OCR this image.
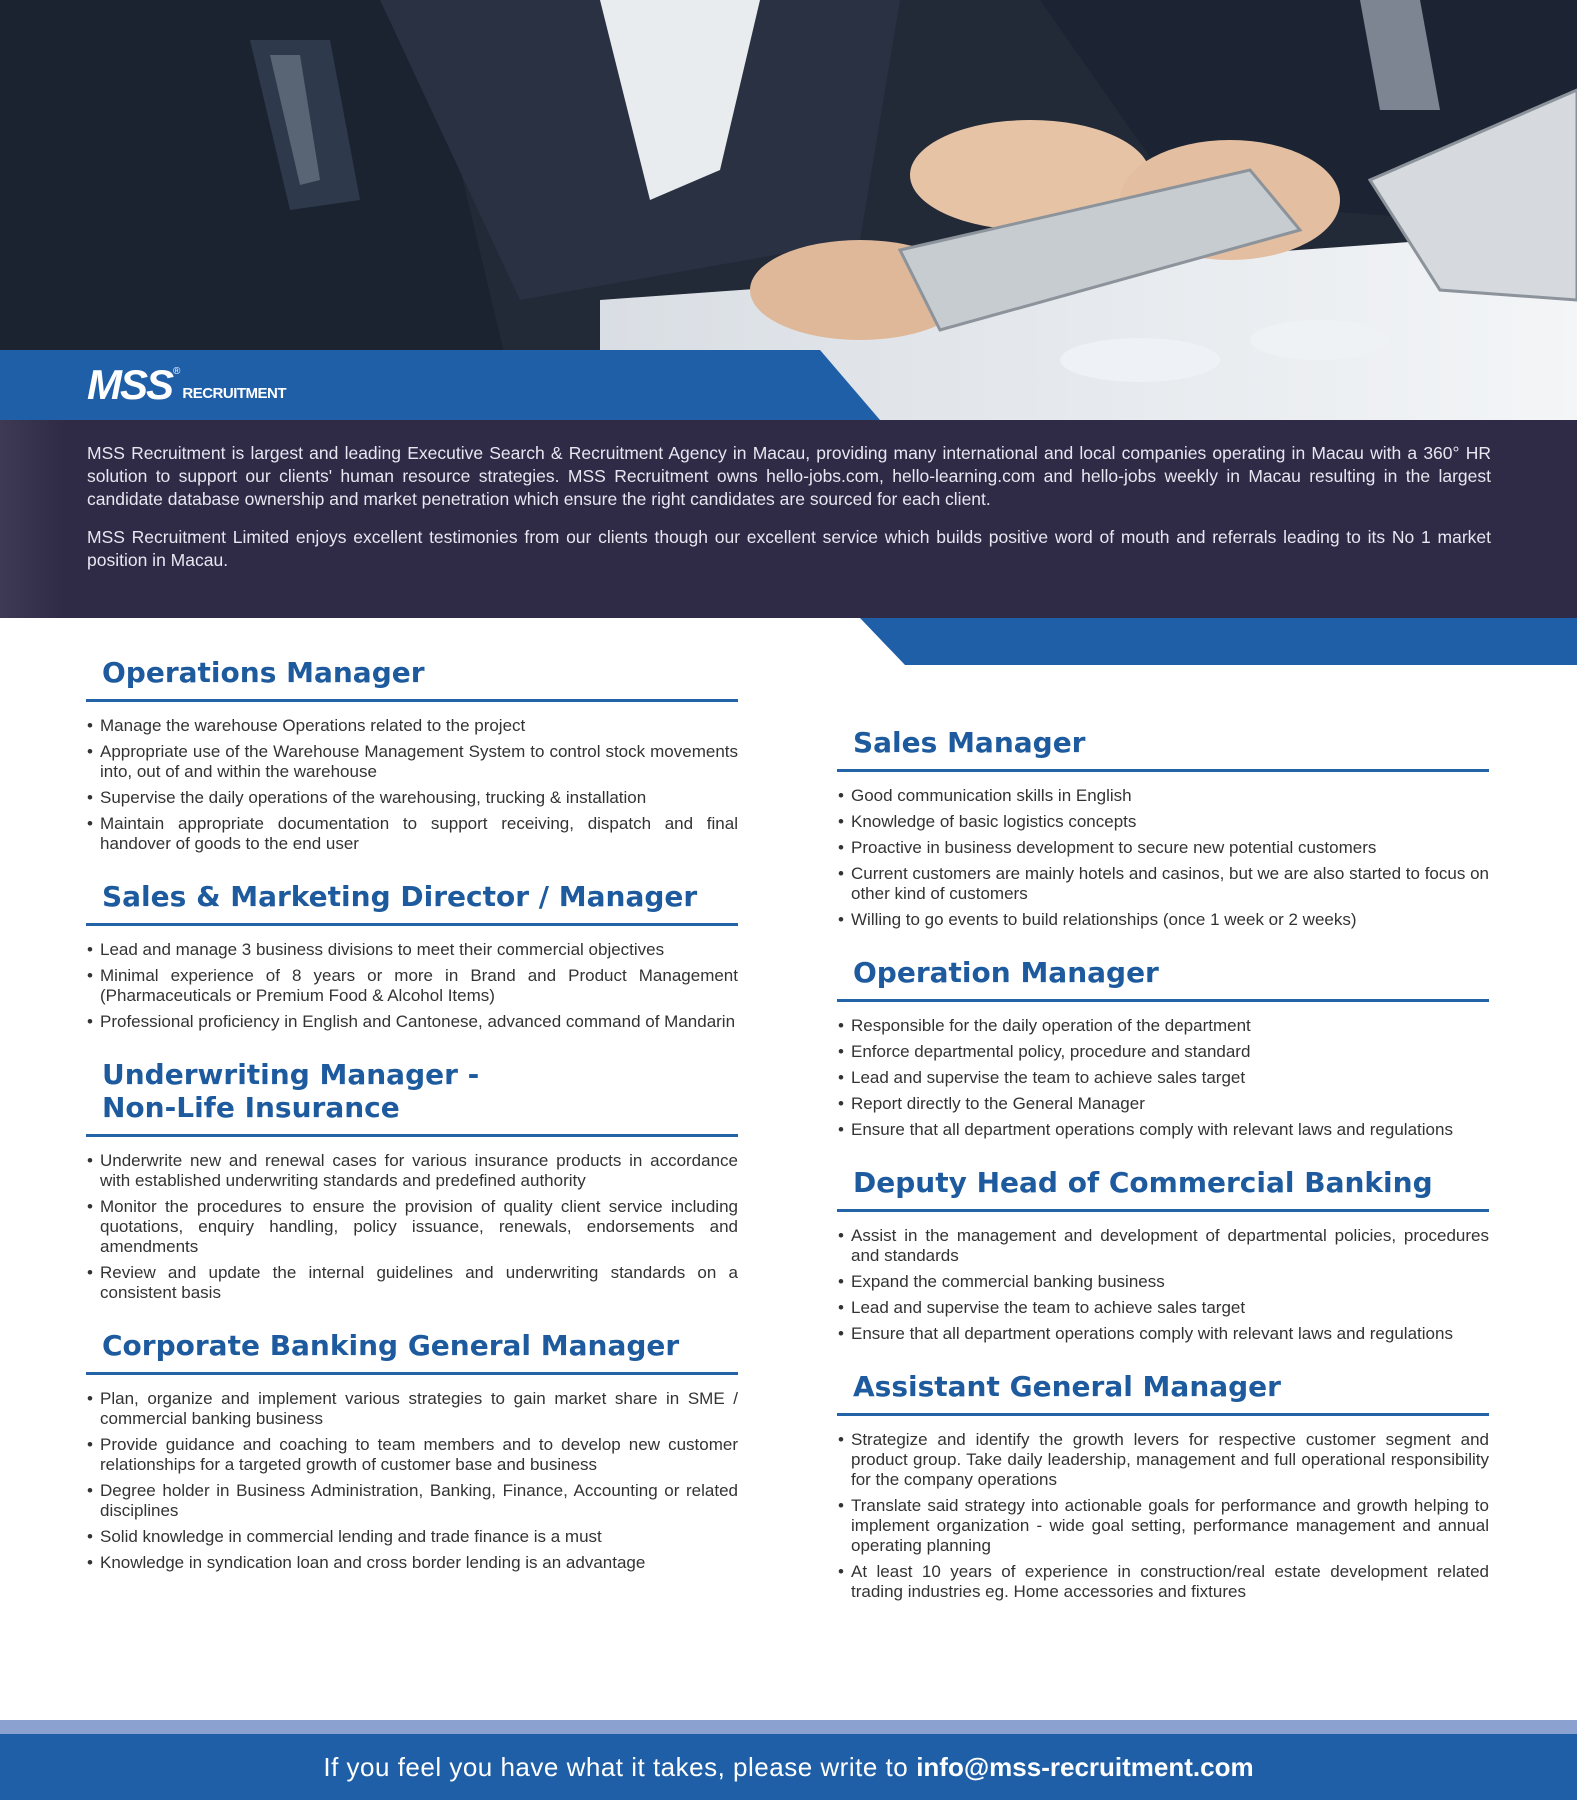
MSS ®
RECRUITMENT

MSS Recruitment is largest and leading Executive Search & Recruitment Agency in Macau, providing many international and local companies operating in Macau with a 360° HR solution to support our clients' human resource strategies. MSS Recruitment owns hello-jobs.com, hello-learning.com and hello-jobs weekly in Macau resulting in the largest candidate database ownership and market penetration which ensure the right candidates are sourced for each client.

MSS Recruitment Limited enjoys excellent testimonies from our clients though our excellent service which builds positive word of mouth and referrals leading to its No 1 market position in Macau.

Operations Manager
• Manage the warehouse Operations related to the project
• Appropriate use of the Warehouse Management System to control stock movements into, out of and within the warehouse
• Supervise the daily operations of the warehousing, trucking & installation
• Maintain appropriate documentation to support receiving, dispatch and final handover of goods to the end user
Sales & Marketing Director / Manager
• Lead and manage 3 business divisions to meet their commercial objectives
• Minimal experience of 8 years or more in Brand and Product Management (Pharmaceuticals or Premium Food & Alcohol Items)
• Professional proficiency in English and Cantonese, advanced command of Mandarin
Underwriting Manager -
Non-Life Insurance
• Underwrite new and renewal cases for various insurance products in accordance with established underwriting standards and predefined authority
• Monitor the procedures to ensure the provision of quality client service including quotations, enquiry handling, policy issuance, renewals, endorsements and amendments
• Review and update the internal guidelines and underwriting standards on a consistent basis
Corporate Banking General Manager
• Plan, organize and implement various strategies to gain market share in SME / commercial banking business
• Provide guidance and coaching to team members and to develop new customer relationships for a targeted growth of customer base and business
• Degree holder in Business Administration, Banking, Finance, Accounting or related disciplines
• Solid knowledge in commercial lending and trade finance is a must
• Knowledge in syndication loan and cross border lending is an advantage
Sales Manager
• Good communication skills in English
• Knowledge of basic logistics concepts
• Proactive in business development to secure new potential customers
• Current customers are mainly hotels and casinos, but we are also started to focus on other kind of customers
• Willing to go events to build relationships (once 1 week or 2 weeks)
Operation Manager
• Responsible for the daily operation of the department
• Enforce departmental policy, procedure and standard
• Lead and supervise the team to achieve sales target
• Report directly to the General Manager
• Ensure that all department operations comply with relevant laws and regulations
Deputy Head of Commercial Banking
• Assist in the management and development of departmental policies, procedures and standards
• Expand the commercial banking business
• Lead and supervise the team to achieve sales target
• Ensure that all department operations comply with relevant laws and regulations
Assistant General Manager
• Strategize and identify the growth levers for respective customer segment and product group. Take daily leadership, management and full operational responsibility for the company operations
• Translate said strategy into actionable goals for performance and growth helping to implement organization - wide goal setting, performance management and annual operating planning
• At least 10 years of experience in construction/real estate development related trading industries eg. Home accessories and fixtures
If you feel you have what it takes, please write to info@mss-recruitment.com
